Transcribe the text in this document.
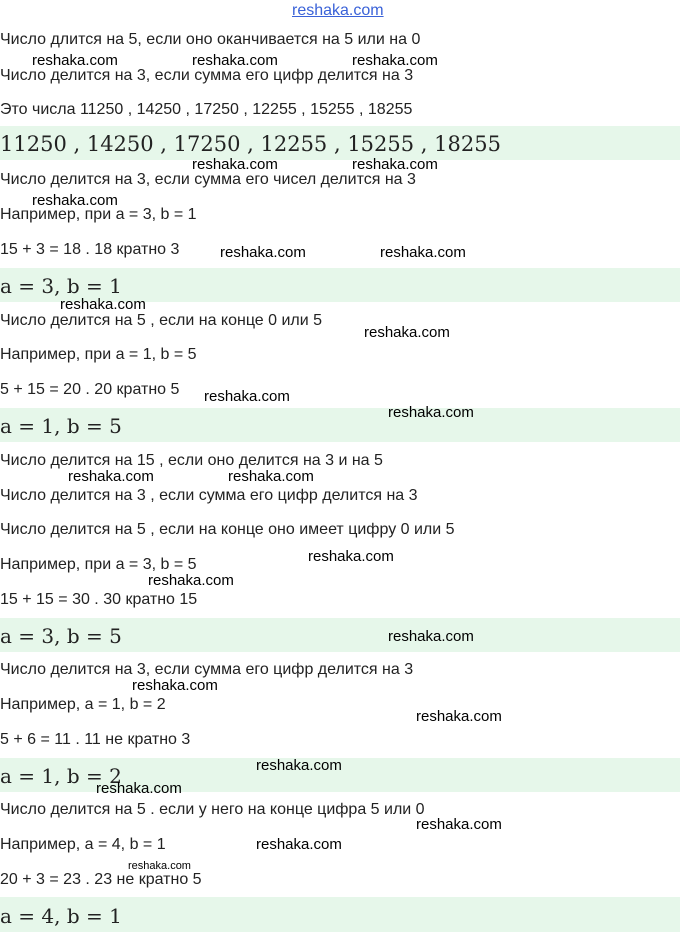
reshaka.com
Число длится на 5, если оно оканчивается на 5 или на 0
Число делится на 3, если сумма его цифр делится на 3
Это числа 11250 , 14250 , 17250 , 12255 , 15255 , 18255
11250 , 14250 , 17250 , 12255 , 15255 , 18255
Число делится на 3, если сумма его чисел делится на 3
Например, при a = 3, b = 1
15 + 3 = 18 . 18 кратно 3
a = 3, b = 1
Число делится на 5 , если на конце 0 или 5
Например, при a = 1, b = 5
5 + 15 = 20 . 20 кратно 5
a = 1, b = 5
Число делится на 15 , если оно делится на 3 и на 5
Число делится на 3 , если сумма его цифр делится на 3
Число делится на 5 , если на конце оно имеет цифру 0 или 5
Например, при a = 3, b = 5
15 + 15 = 30 . 30 кратно 15
a = 3, b = 5
Число делится на 3, если сумма его цифр делится на 3
Например, a = 1, b = 2
5 + 6 = 11 . 11 не кратно 3
a = 1, b = 2
Число делится на 5 . если у него на конце цифра 5 или 0
Например, a = 4, b = 1
20 + 3 = 23 . 23 не кратно 5
a = 4, b = 1
reshaka.com	reshaka.com	reshaka.com
reshaka.com	reshaka.com
reshaka.com
reshaka.com	reshaka.com
reshaka.com
reshaka.com
reshaka.com
reshaka.com
reshaka.com	reshaka.com
reshaka.com
reshaka.com
reshaka.com
reshaka.com
reshaka.com
reshaka.com
reshaka.com
reshaka.com
reshaka.com
reshaka.com
